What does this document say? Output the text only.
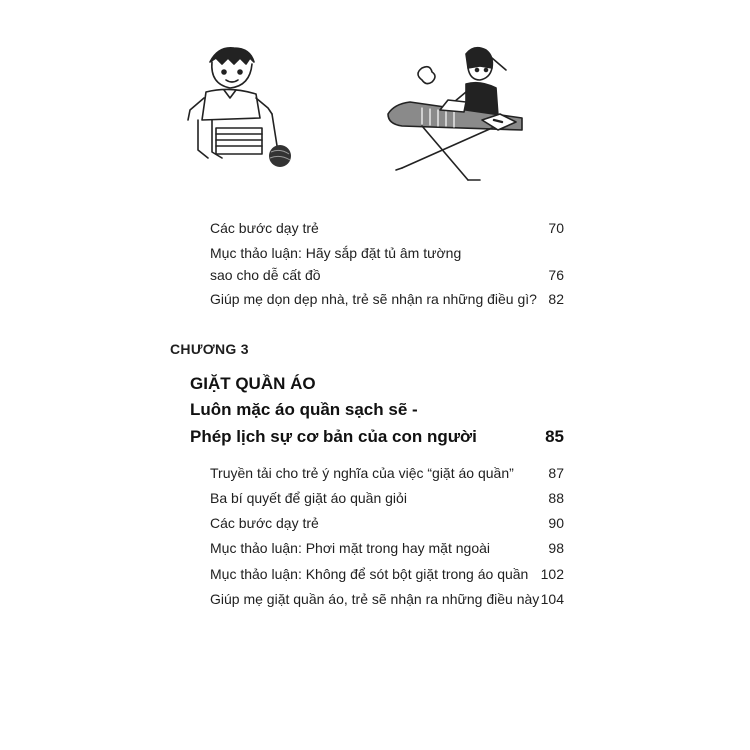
Các bước dạy trẻ	70
Mục thảo luận: Hãy sắp đặt tủ âm tường
sao cho dễ cất đồ	76
Giúp mẹ dọn dẹp nhà, trẻ sẽ nhận ra những điều gì? 82
CHƯƠNG 3
GIẶT QUẦN ÁO
Luôn mặc áo quần sạch sẽ -
Phép lịch sự cơ bản của con người	85
Truyền tải cho trẻ ý nghĩa của việc “giặt áo quần” 87
Ba bí quyết để giặt áo quần giỏi	88
Các bước dạy trẻ	90
Mục thảo luận: Phơi mặt trong hay mặt ngoài	98
Mục thảo luận: Không để sót bột giặt trong áo quần 102
Giúp mẹ giặt quần áo, trẻ sẽ nhận ra những điều này 104
